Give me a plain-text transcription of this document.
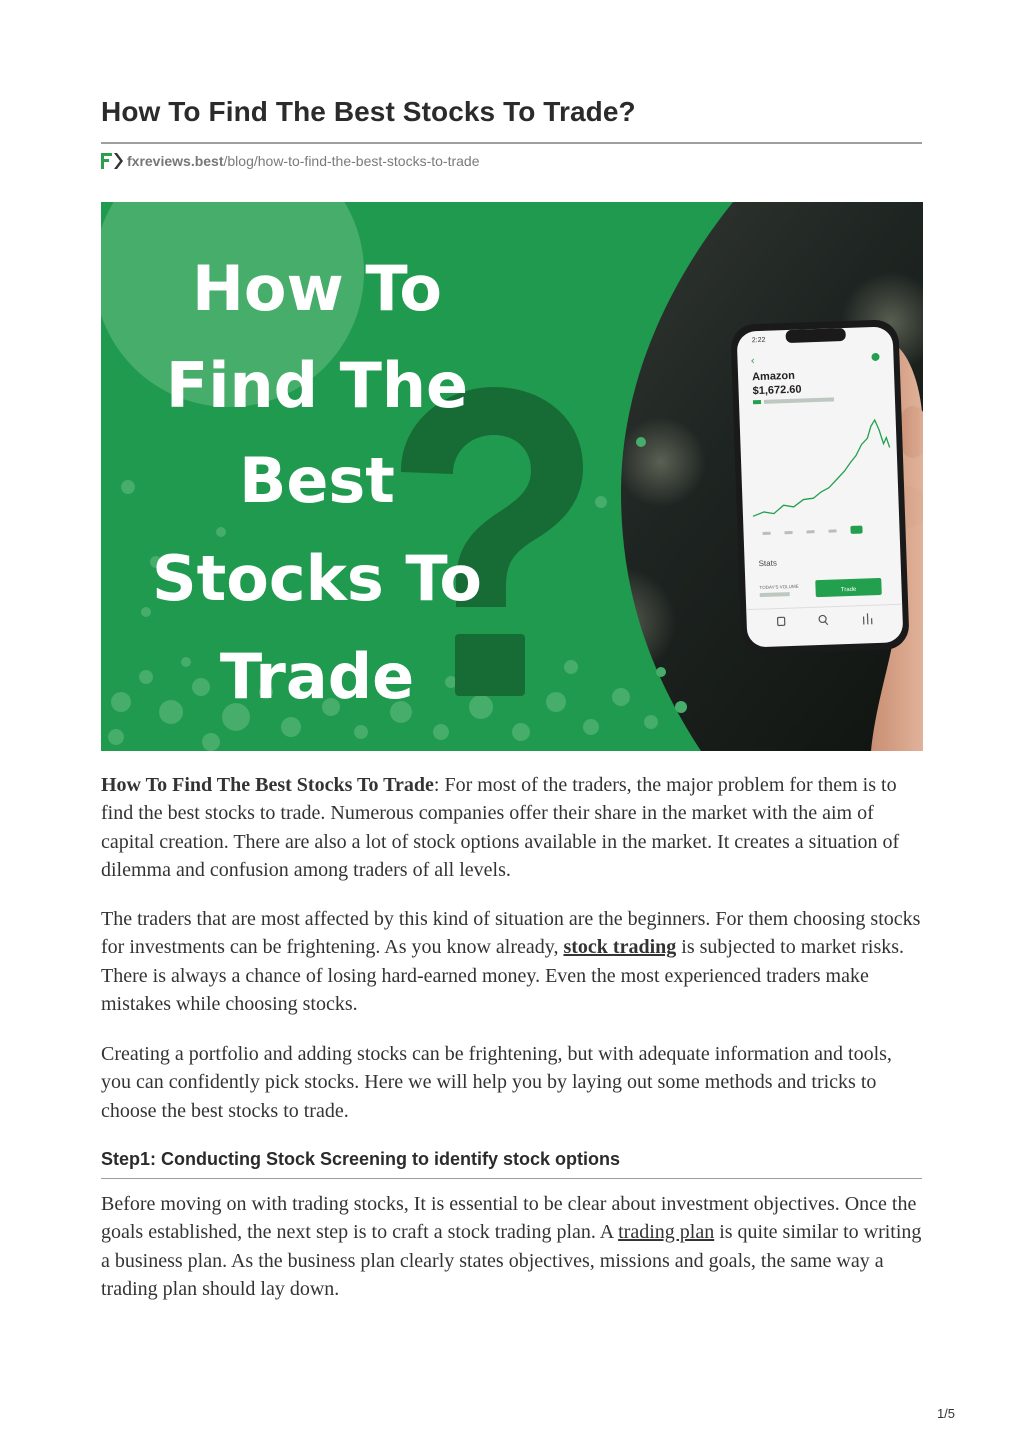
How To Find The Best Stocks To Trade?
fxreviews.best /blog/how-to-find-the-best-stocks-to-trade
How To
Find The
Best
Stocks To
Trade
2:22
‹
Amazon
$1,672.60
Stats
TODAY'S VOLUME	Trade

How To Find The Best Stocks To Trade: For most of the traders, the major problem for them is to find the best stocks to trade. Numerous companies offer their share in the market with the aim of capital creation. There are also a lot of stock options available in the market. It creates a situation of dilemma and confusion among traders of all levels.

The traders that are most affected by this kind of situation are the beginners. For them choosing stocks for investments can be frightening. As you know already, stock trading is subjected to market risks. There is always a chance of losing hard-earned money. Even the most experienced traders make mistakes while choosing stocks.

Creating a portfolio and adding stocks can be frightening, but with adequate information and tools, you can confidently pick stocks. Here we will help you by laying out some methods and tricks to choose the best stocks to trade.

Step1: Conducting Stock Screening to identify stock options

Before moving on with trading stocks, It is essential to be clear about investment objectives. Once the goals established, the next step is to craft a stock trading plan. A trading plan is quite similar to writing a business plan. As the business plan clearly states objectives, missions and goals, the same way a trading plan should lay down.

1/5
